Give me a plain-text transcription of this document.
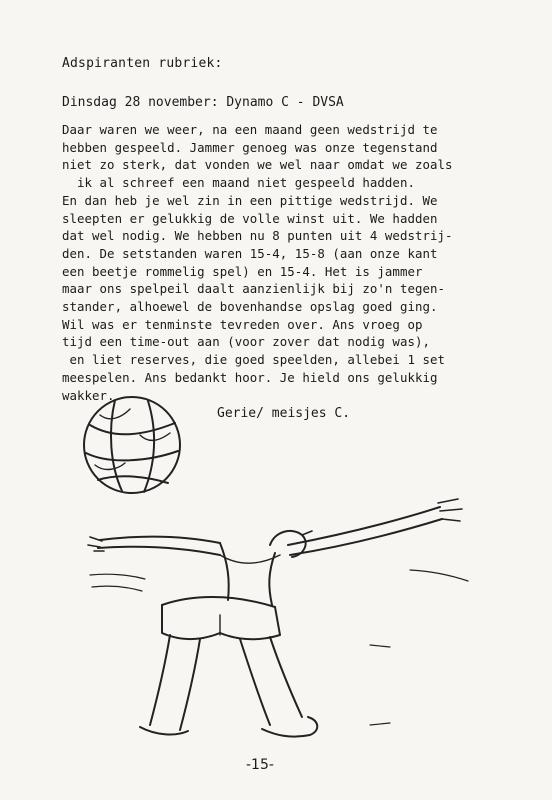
Adspiranten rubriek:
Dinsdag 28 november: Dynamo C - DVSA
Daar waren we weer, na een maand geen wedstrijd te
hebben gespeeld. Jammer genoeg was onze tegenstand
niet zo sterk, dat vonden we wel naar omdat we zoals
ik al schreef een maand niet gespeeld hadden.
En dan heb je wel zin in een pittige wedstrijd. We
sleepten er gelukkig de volle winst uit. We hadden
dat wel nodig. We hebben nu 8 punten uit 4 wedstrij-
den. De setstanden waren 15-4, 15-8 (aan onze kant
een beetje rommelig spel) en 15-4. Het is jammer
maar ons spelpeil daalt aanzienlijk bij zo'n tegen-
stander, alhoewel de bovenhandse opslag goed ging.
Wil was er tenminste tevreden over. Ans vroeg op
tijd een time-out aan (voor zover dat nodig was),
en liet reserves, die goed speelden, allebei 1 set
meespelen. Ans bedankt hoor. Je hield ons gelukkig
wakker.
Gerie/ meisjes C.
-15-
